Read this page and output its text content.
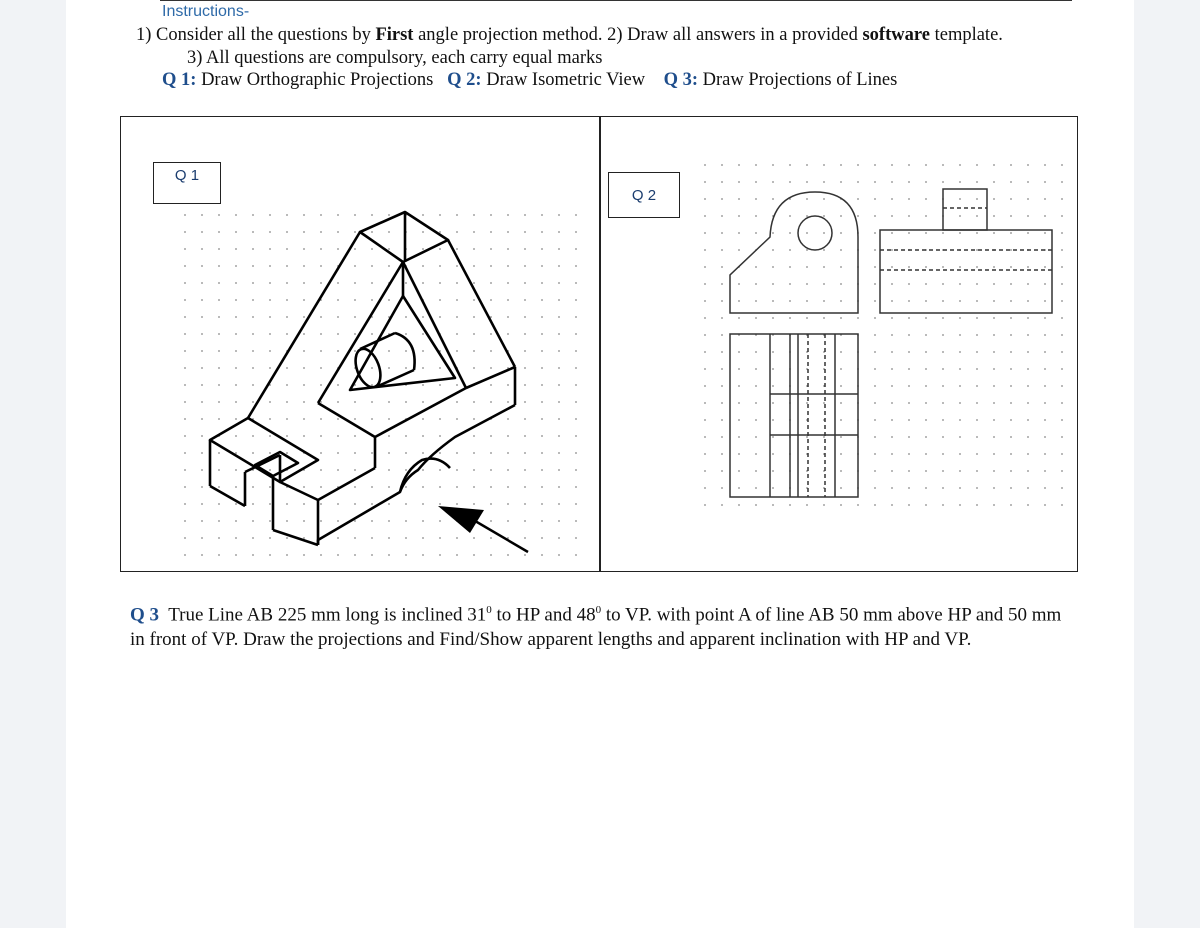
Instructions-
1) Consider all the questions by First angle projection method. 2) Draw all answers in a provided software template.
3) All questions are compulsory, each carry equal marks
Q 1: Draw Orthographic Projections Q 2: Draw Isometric View Q 3: Draw Projections of Lines
Q 1
Q 2
Q 3 True Line AB 225 mm long is inclined $31^0$ to HP and $48^0$ to VP. with point A of line AB 50 mm above HP and 50 mm in front of VP. Draw the projections and Find/Show apparent lengths and apparent inclination with HP and VP.
